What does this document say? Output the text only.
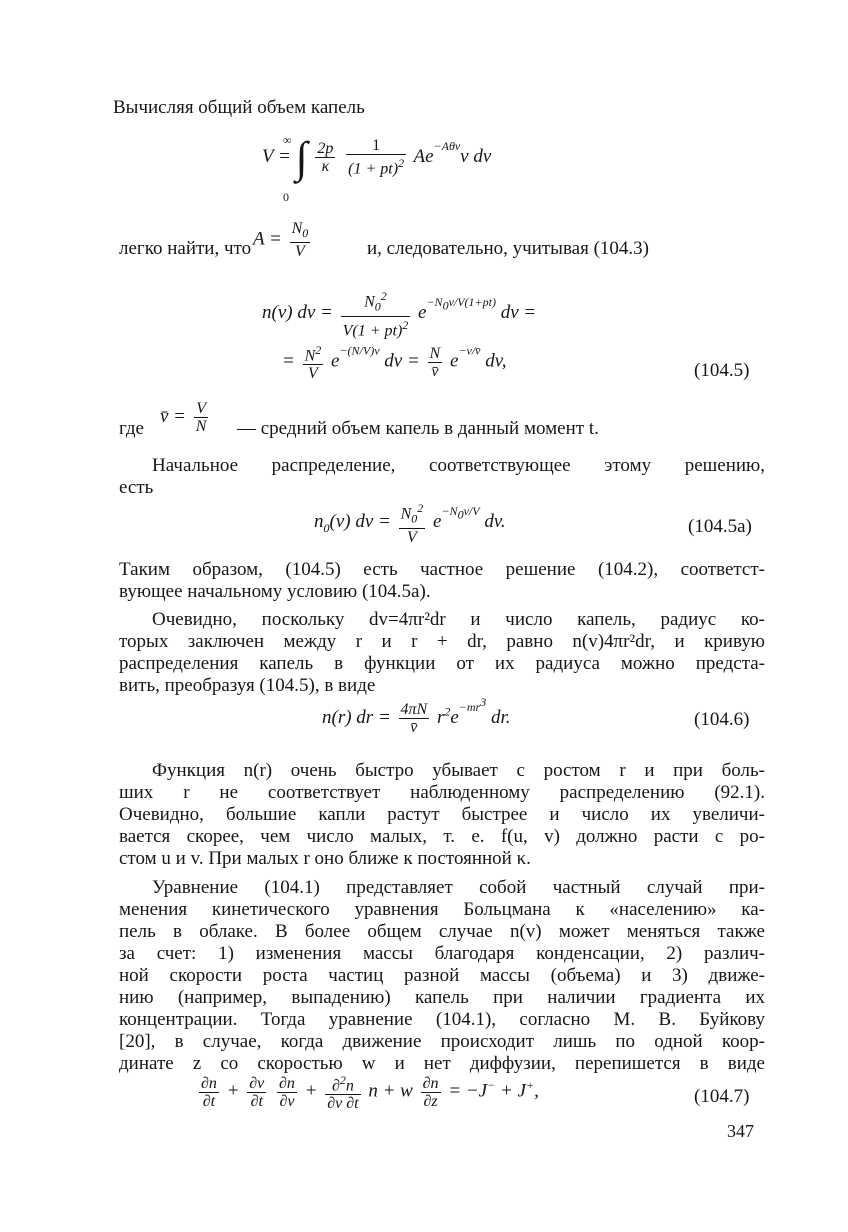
Вычисляя общий объем капель
V = ∫ $\frac{2p}{\kappa}$
$\frac{1}{(1 + pt)^2} Ae^{-A\theta v}v$ dv
∞
0
легко найти, что $A = \frac{N_0}{V}$	и, следовательно, учитывая (104.3)
n(v) dv = $\frac{N_0^2}{V(1 + pt)^2} e^{-N_0v/V(1+pt)}$ dv =
= $\frac{N^2}{V} e^{-(N/V)v}$ dv = $\frac{N}{v̄} e^{-v/v̄}$ dv,	(104.5)
где
v̄ = $\frac{V}{N}$ — средний объем капель в данный момент t.
Начальное распределение, соответствующее этому решению,
есть
$n_0(v)$ dv = $\frac{N_0^2}{V} e^{-N_0v/V}$ dv.	(104.5a)
Таким образом, (104.5) есть частное решение (104.2), соответст-
вующее начальному условию (104.5а).
Очевидно, поскольку dv=4πr²dr и число капель, радиус ко-
торых заключен между r и r + dr, равно n(v)4πr²dr, и кривую
распределения капель в функции от их радиуса можно предста-
вить, преобразуя (104.5), в виде
n(r) dr = $\frac{4\pi N}{v̄} r^2e^{-mr^3}$ dr.	(104.6)
Функция n(r) очень быстро убывает с ростом r и при боль-
ших r не соответствует наблюденному распределению (92.1).
Очевидно, большие капли растут быстрее и число их увеличи-
вается скорее, чем число малых, т. е. f(u, v) должно расти с ро-
стом u и v. При малых r оно ближе к постоянной κ.
Уравнение (104.1) представляет собой частный случай при-
менения кинетического уравнения Больцмана к «населению» ка-
пель в облаке. В более общем случае n(v) может меняться также
за счет: 1) изменения массы благодаря конденсации, 2) различ-
ной скорости роста частиц разной массы (объема) и 3) движе-
нию (например, выпадению) капель при наличии градиента их
концентрации. Тогда уравнение (104.1), согласно М. В. Буйкову
[20], в случае, когда движение происходит лишь по одной коор-
динате z со скоростью w и нет диффузии, перепишется в виде
$\frac{\partial n}{\partial t} + \frac{\partial v}{\partial t}$
$\frac{\partial n}{\partial v} + \frac{\partial^2n}{\partial v \partial t}$ n + w $\frac{\partial n}{\partial z} = -J^- + J^+$,	(104.7)
347
